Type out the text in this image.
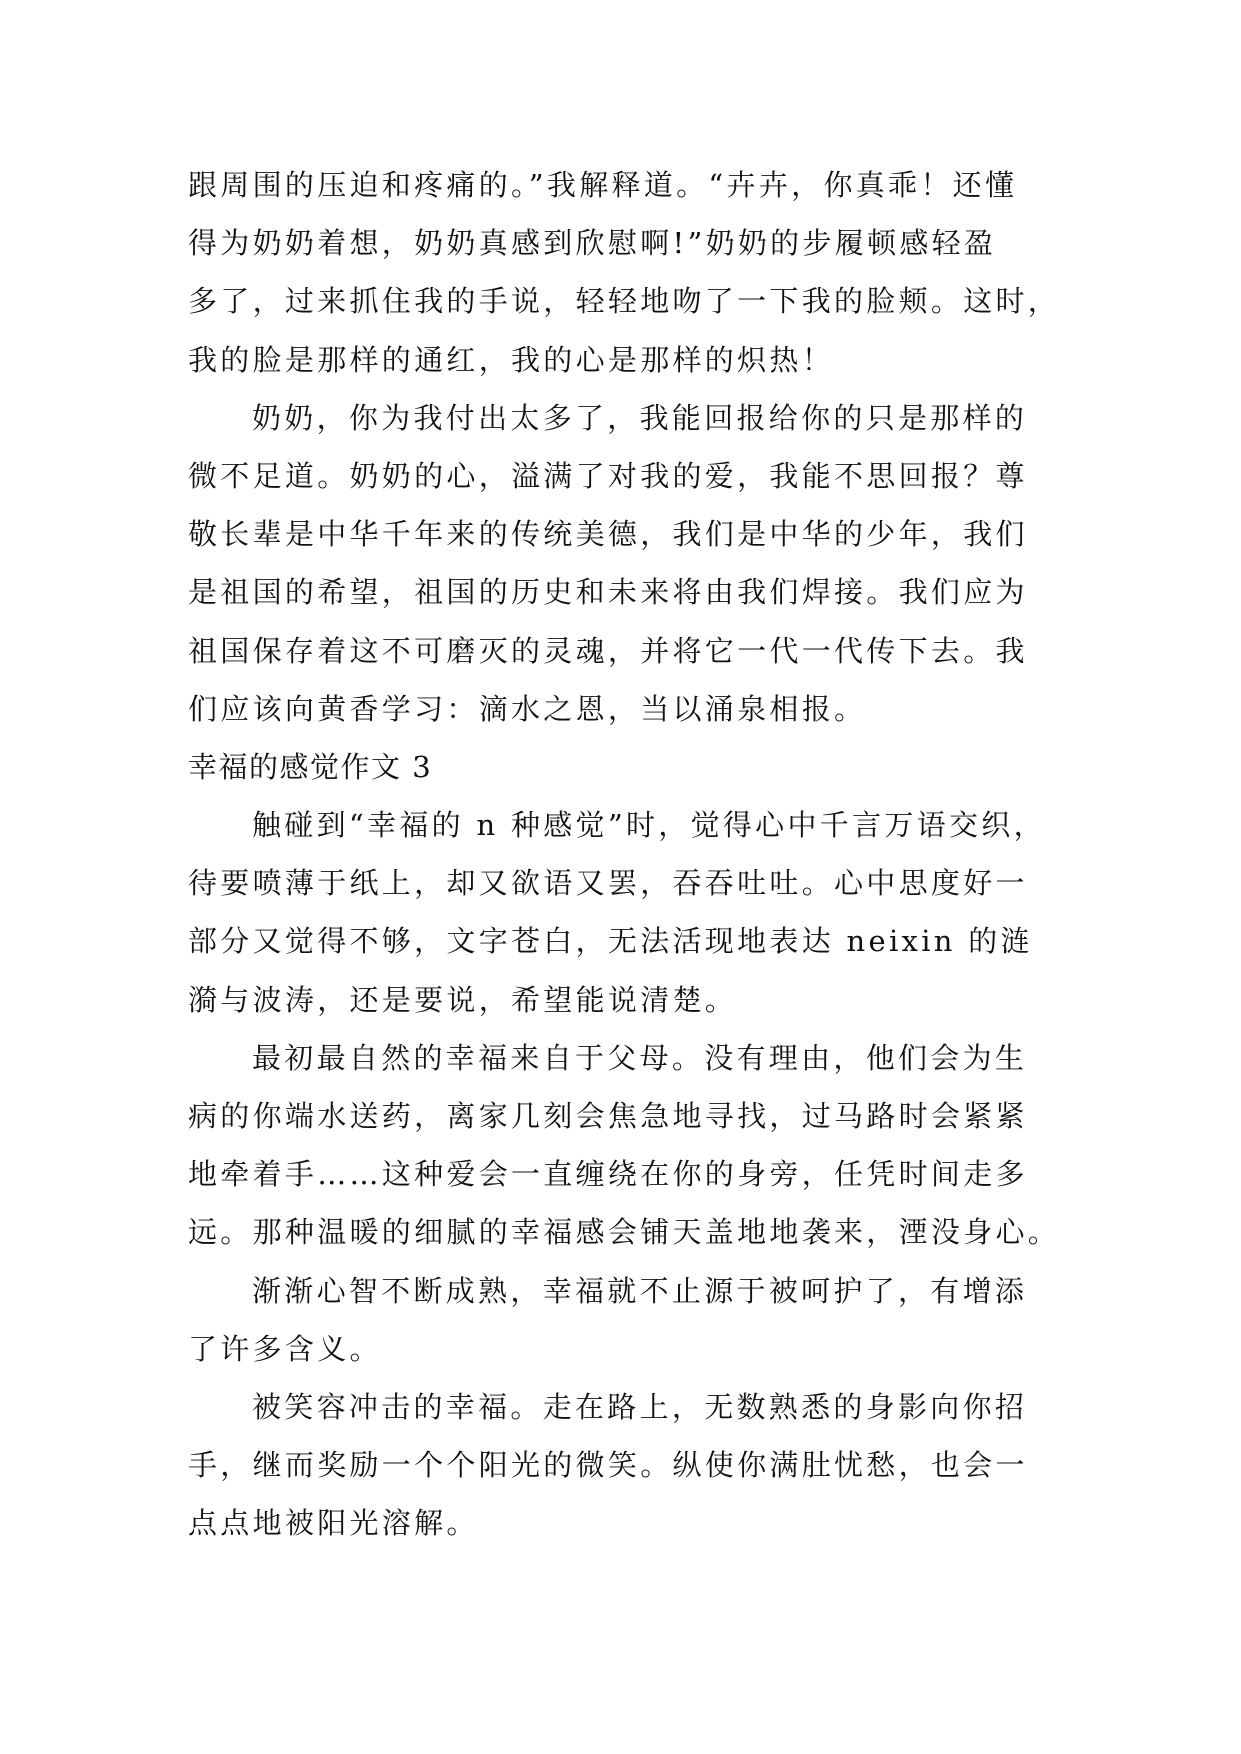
跟周围的压迫和疼痛的。”我解释道。“卉卉，你真乖！还懂
得为奶奶着想，奶奶真感到欣慰啊!”奶奶的步履顿感轻盈
多了，过来抓住我的手说，轻轻地吻了一下我的脸颊。这时，
我的脸是那样的通红，我的心是那样的炽热！
奶奶，你为我付出太多了，我能回报给你的只是那样的
微不足道。奶奶的心，溢满了对我的爱，我能不思回报？尊
敬长辈是中华千年来的传统美德，我们是中华的少年，我们
是祖国的希望，祖国的历史和未来将由我们焊接。我们应为
祖国保存着这不可磨灭的灵魂，并将它一代一代传下去。我
们应该向黄香学习：滴水之恩，当以涌泉相报。
幸福的感觉作文 3
触碰到“幸福的 n 种感觉”时，觉得心中千言万语交织，
待要喷薄于纸上，却又欲语又罢，吞吞吐吐。心中思度好一
部分又觉得不够，文字苍白，无法活现地表达 neixin 的涟
漪与波涛，还是要说，希望能说清楚。
最初最自然的幸福来自于父母。没有理由，他们会为生
病的你端水送药，离家几刻会焦急地寻找，过马路时会紧紧
地牵着手……这种爱会一直缠绕在你的身旁，任凭时间走多
远。那种温暖的细腻的幸福感会铺天盖地地袭来，湮没身心。
渐渐心智不断成熟，幸福就不止源于被呵护了，有增添
了许多含义。
被笑容冲击的幸福。走在路上，无数熟悉的身影向你招
手，继而奖励一个个阳光的微笑。纵使你满肚忧愁，也会一
点点地被阳光溶解。
